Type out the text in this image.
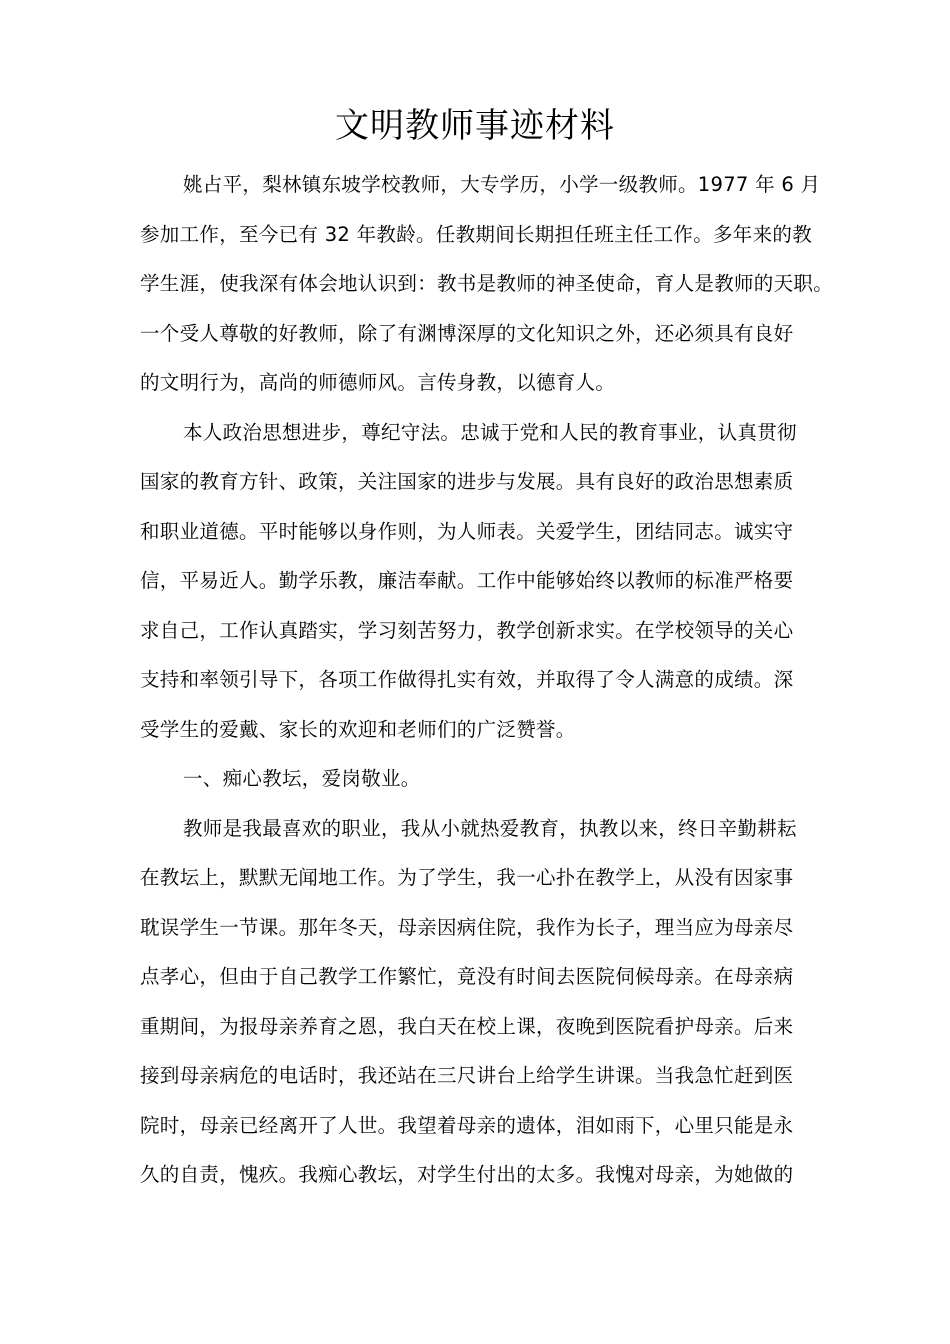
文明教师事迹材料
姚占平，梨林镇东坡学校教师，大专学历，小学一级教师。1977 年 6 月
参加工作，至今已有 32 年教龄。任教期间长期担任班主任工作。多年来的教
学生涯，使我深有体会地认识到：教书是教师的神圣使命，育人是教师的天职。
一个受人尊敬的好教师，除了有渊博深厚的文化知识之外，还必须具有良好
的文明行为，高尚的师德师风。言传身教，以德育人。
本人政治思想进步，尊纪守法。忠诚于党和人民的教育事业，认真贯彻
国家的教育方针、政策，关注国家的进步与发展。具有良好的政治思想素质
和职业道德。平时能够以身作则，为人师表。关爱学生，团结同志。诚实守
信，平易近人。勤学乐教，廉洁奉献。工作中能够始终以教师的标准严格要
求自己，工作认真踏实，学习刻苦努力，教学创新求实。在学校领导的关心
支持和率领引导下，各项工作做得扎实有效，并取得了令人满意的成绩。深
受学生的爱戴、家长的欢迎和老师们的广泛赞誉。
一、痴心教坛，爱岗敬业。
教师是我最喜欢的职业，我从小就热爱教育，执教以来，终日辛勤耕耘
在教坛上，默默无闻地工作。为了学生，我一心扑在教学上，从没有因家事
耽误学生一节课。那年冬天，母亲因病住院，我作为长子，理当应为母亲尽
点孝心，但由于自己教学工作繁忙，竟没有时间去医院伺候母亲。在母亲病
重期间，为报母亲养育之恩，我白天在校上课，夜晚到医院看护母亲。后来
接到母亲病危的电话时，我还站在三尺讲台上给学生讲课。当我急忙赶到医
院时，母亲已经离开了人世。我望着母亲的遗体，泪如雨下，心里只能是永
久的自责，愧疚。我痴心教坛，对学生付出的太多。我愧对母亲，为她做的
